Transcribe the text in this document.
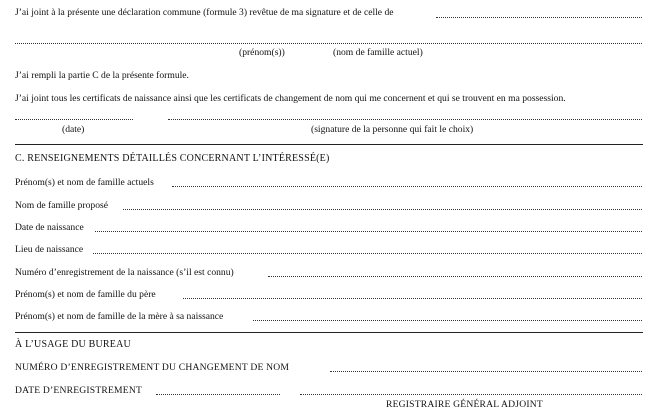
J’ai joint à la présente une déclaration commune (formule 3) revêtue de ma signature et de celle de
(prénom(s))	(nom de famille actuel)
J’ai rempli la partie C de la présente formule.
J’ai joint tous les certificats de naissance ainsi que les certificats de changement de nom qui me concernent et qui se trouvent en ma possession.
(date)	(signature de la personne qui fait le choix)
C. RENSEIGNEMENTS DÉTAILLÉS CONCERNANT L’INTÉRESSÉ(E)
Prénom(s) et nom de famille actuels
Nom de famille proposé
Date de naissance
Lieu de naissance
Numéro d’enregistrement de la naissance (s’il est connu)
Prénom(s) et nom de famille du père
Prénom(s) et nom de famille de la mère à sa naissance
À L’USAGE DU BUREAU
NUMÉRO D’ENREGISTREMENT DU CHANGEMENT DE NOM
DATE D’ENREGISTREMENT
REGISTRAIRE GÉNÉRAL ADJOINT
